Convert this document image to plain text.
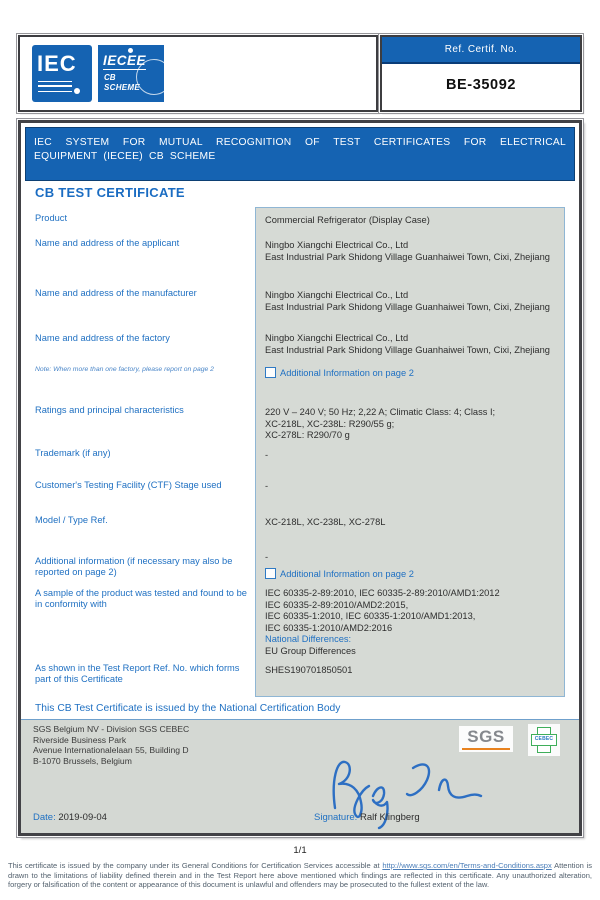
IEC IECEE
CB
SCHEME
Ref. Certif. No.
BE-35092
IEC SYSTEM FOR MUTUAL RECOGNITION OF TEST CERTIFICATES FOR ELECTRICAL EQUIPMENT (IECEE) CB SCHEME
CB TEST CERTIFICATE
Product
Name and address of the applicant
Name and address of the manufacturer
Name and address of the factory
Note: When more than one factory, please report on page 2
Ratings and principal characteristics
Trademark (if any)
Customer's Testing Facility (CTF) Stage used
Model / Type Ref.
Additional information (if necessary may also be reported on page 2)
A sample of the product was tested and found to be in conformity with
As shown in the Test Report Ref. No. which forms part of this Certificate
Commercial Refrigerator (Display Case)
Ningbo Xiangchi Electrical Co., Ltd
East Industrial Park Shidong Village Guanhaiwei Town, Cixi, Zhejiang
Ningbo Xiangchi Electrical Co., Ltd
East Industrial Park Shidong Village Guanhaiwei Town, Cixi, Zhejiang
Ningbo Xiangchi Electrical Co., Ltd
East Industrial Park Shidong Village Guanhaiwei Town, Cixi, Zhejiang
Additional Information on page 2
220 V – 240 V; 50 Hz; 2,22 A; Climatic Class: 4; Class I;
XC-218L, XC-238L: R290/55 g;
XC-278L: R290/70 g
-
-
XC-218L, XC-238L, XC-278L
-
Additional Information on page 2
IEC 60335-2-89:2010, IEC 60335-2-89:2010/AMD1:2012
IEC 60335-2-89:2010/AMD2:2015,
IEC 60335-1:2010, IEC 60335-1:2010/AMD1:2013,
IEC 60335-1:2010/AMD2:2016
National Differences:
EU Group Differences
SHES190701850501
This CB Test Certificate is issued by the National Certification Body
SGS Belgium NV - Division SGS CEBEC
Riverside Business Park
Avenue Internationalelaan 55, Building D
B-1070 Brussels, Belgium
SGS	CEBEC
Date: 2019-09-04	Signature: Ralf Klingberg
1/1
This certificate is issued by the company under its General Conditions for Certification Services accessible at http://www.sgs.com/en/Terms-and-Conditions.aspx Attention is drawn to the limitations of liability defined therein and in the Test Report here above mentioned which findings are reflected in this certificate. Any unauthorized alteration, forgery or falsification of the content or appearance of this document is unlawful and offenders may be prosecuted to the fullest extent of the law.
